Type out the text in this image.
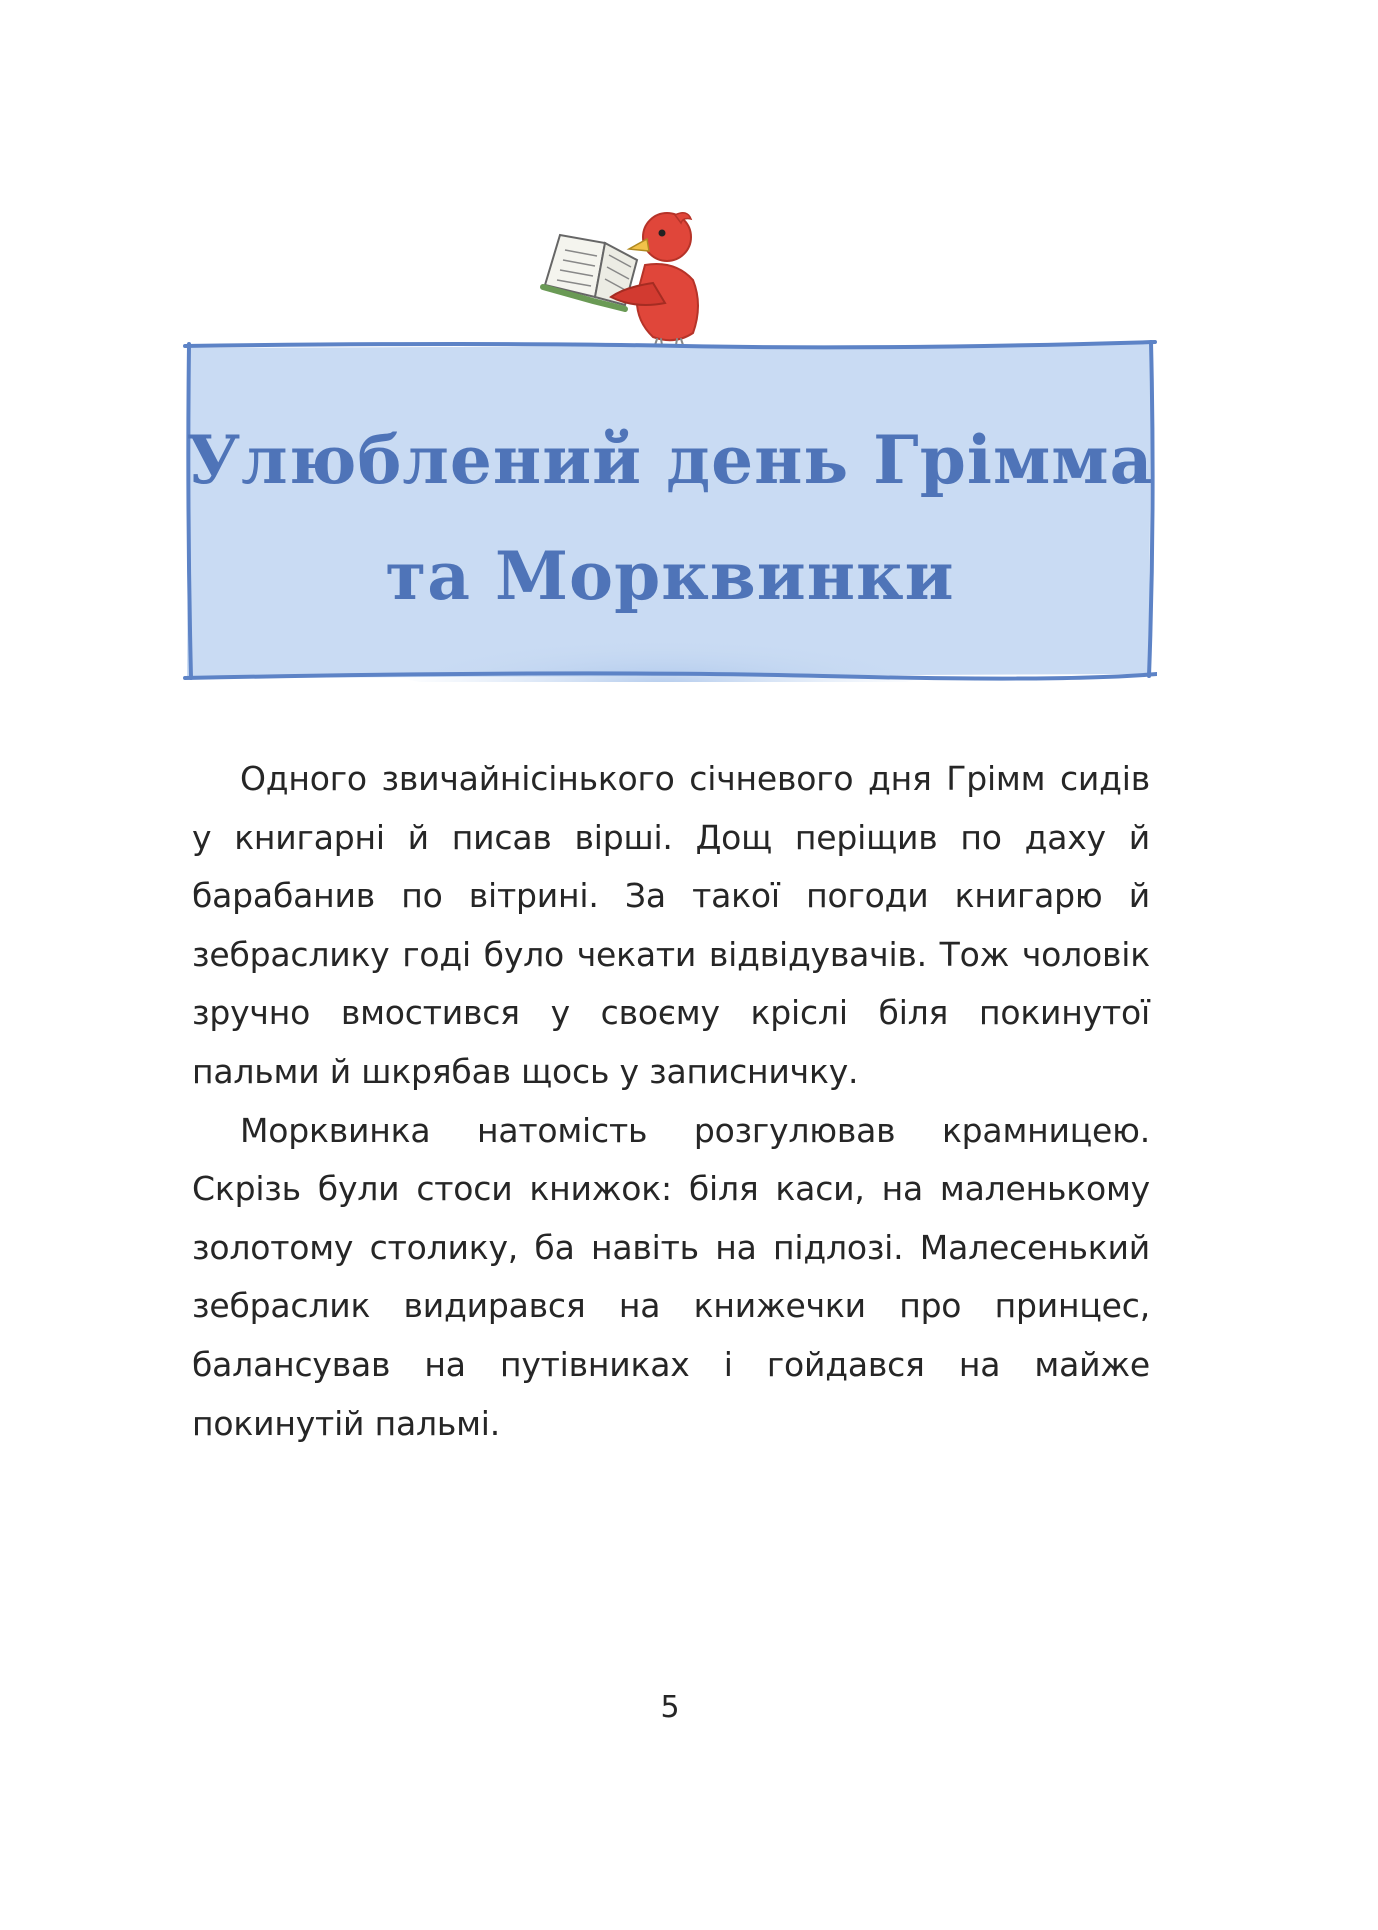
Улюблений день Грімма
та Морквинки

Одного звичайнісінького січневого дня Грімм сидів у книгарні й писав вірші. Дощ періщив по даху й барабанив по вітрині. За такої погоди книгарю й зебраслику годі було чекати відвідувачів. Тож чоловік зручно вмостився у своєму кріслі біля покинутої пальми й шкрябав щось у записничку.

Морквинка натомість розгулював крамницею. Скрізь були стоси книжок: біля каси, на маленькому золотому столику, ба навіть на підлозі. Малесенький зебраслик видирався на книжечки про принцес, балансував на путівниках і гойдався на майже покинутій пальмі.

5
